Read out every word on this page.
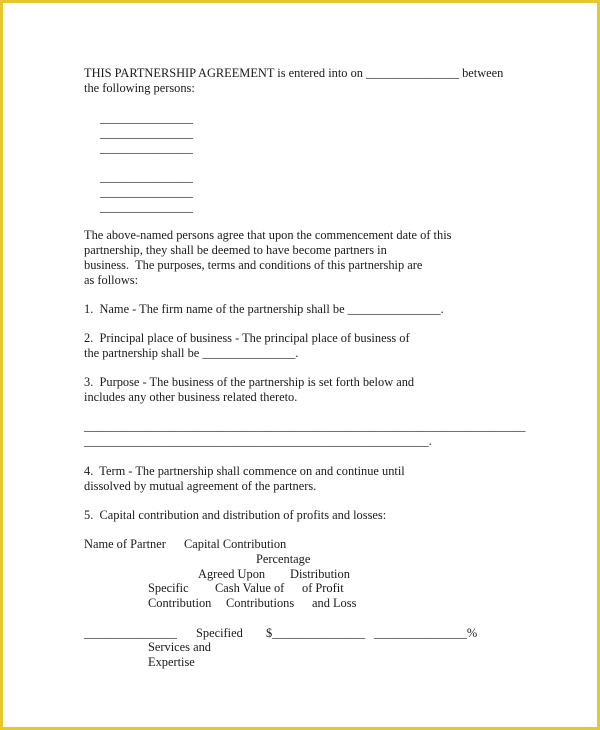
THIS PARTNERSHIP AGREEMENT is entered into on _______________ between
the following persons:
_______________
_______________
_______________
_______________
_______________
_______________
The above-named persons agree that upon the commencement date of this
partnership, they shall be deemed to have become partners in
business.  The purposes, terms and conditions of this partnership are
as follows:
1.  Name - The firm name of the partnership shall be _______________.
2.  Principal place of business - The principal place of business of
the partnership shall be _______________.
3.  Purpose - The business of the partnership is set forth below and
includes any other business related thereto.
_________________________________________________________________________
_________________________________________________________.
4.  Term - The partnership shall commence on and continue until
dissolved by mutual agreement of the partners.
5.  Capital contribution and distribution of profits and losses:
Name of Partner Capital Contribution
Percentage
Agreed Upon Distribution
Specific Cash Value of of Profit
Contribution Contributions and Loss
_______________ Specified $_______________ _______________%
Services and
Expertise
